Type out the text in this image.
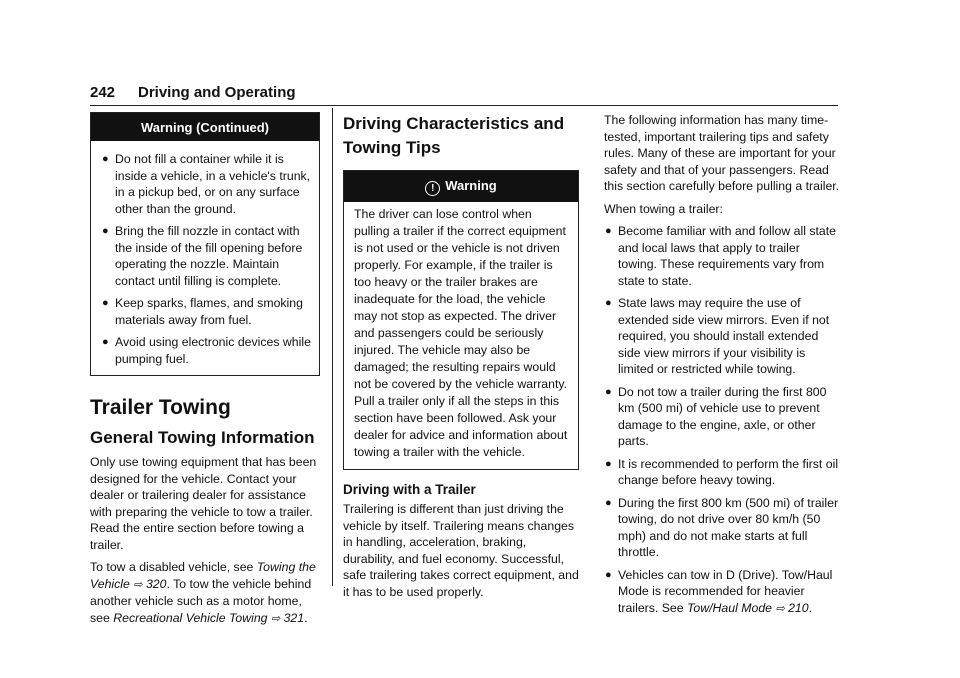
242 Driving and Operating
Warning (Continued)
● Do not fill a container while it is inside a vehicle, in a vehicle's trunk, in a pickup bed, or on any surface other than the ground.
● Bring the fill nozzle in contact with the inside of the fill opening before operating the nozzle. Maintain contact until filling is complete.
● Keep sparks, flames, and smoking materials away from fuel.
● Avoid using electronic devices while pumping fuel.
Trailer Towing
General Towing Information

Only use towing equipment that has been designed for the vehicle. Contact your dealer or trailering dealer for assistance with preparing the vehicle to tow a trailer. Read the entire section before towing a trailer.

To tow a disabled vehicle, see Towing the Vehicle ⇨ 320. To tow the vehicle behind another vehicle such as a motor home, see Recreational Vehicle Towing ⇨ 321.

Driving Characteristics and Towing Tips
! Warning

The driver can lose control when pulling a trailer if the correct equipment is not used or the vehicle is not driven properly. For example, if the trailer is too heavy or the trailer brakes are inadequate for the load, the vehicle may not stop as expected. The driver and passengers could be seriously injured. The vehicle may also be damaged; the resulting repairs would not be covered by the vehicle warranty. Pull a trailer only if all the steps in this section have been followed. Ask your dealer for advice and information about towing a trailer with the vehicle.

Driving with a Trailer

Trailering is different than just driving the vehicle by itself. Trailering means changes in handling, acceleration, braking, durability, and fuel economy. Successful, safe trailering takes correct equipment, and it has to be used properly.

The following information has many time-tested, important trailering tips and safety rules. Many of these are important for your safety and that of your passengers. Read this section carefully before pulling a trailer.

When towing a trailer:

● Become familiar with and follow all state and local laws that apply to trailer towing. These requirements vary from state to state.
● State laws may require the use of extended side view mirrors. Even if not required, you should install extended side view mirrors if your visibility is limited or restricted while towing.
● Do not tow a trailer during the first 800 km (500 mi) of vehicle use to prevent damage to the engine, axle, or other parts.
● It is recommended to perform the first oil change before heavy towing.
● During the first 800 km (500 mi) of trailer towing, do not drive over 80 km/h (50 mph) and do not make starts at full throttle.
● Vehicles can tow in D (Drive). Tow/Haul Mode is recommended for heavier trailers. See Tow/Haul Mode ⇨ 210.
